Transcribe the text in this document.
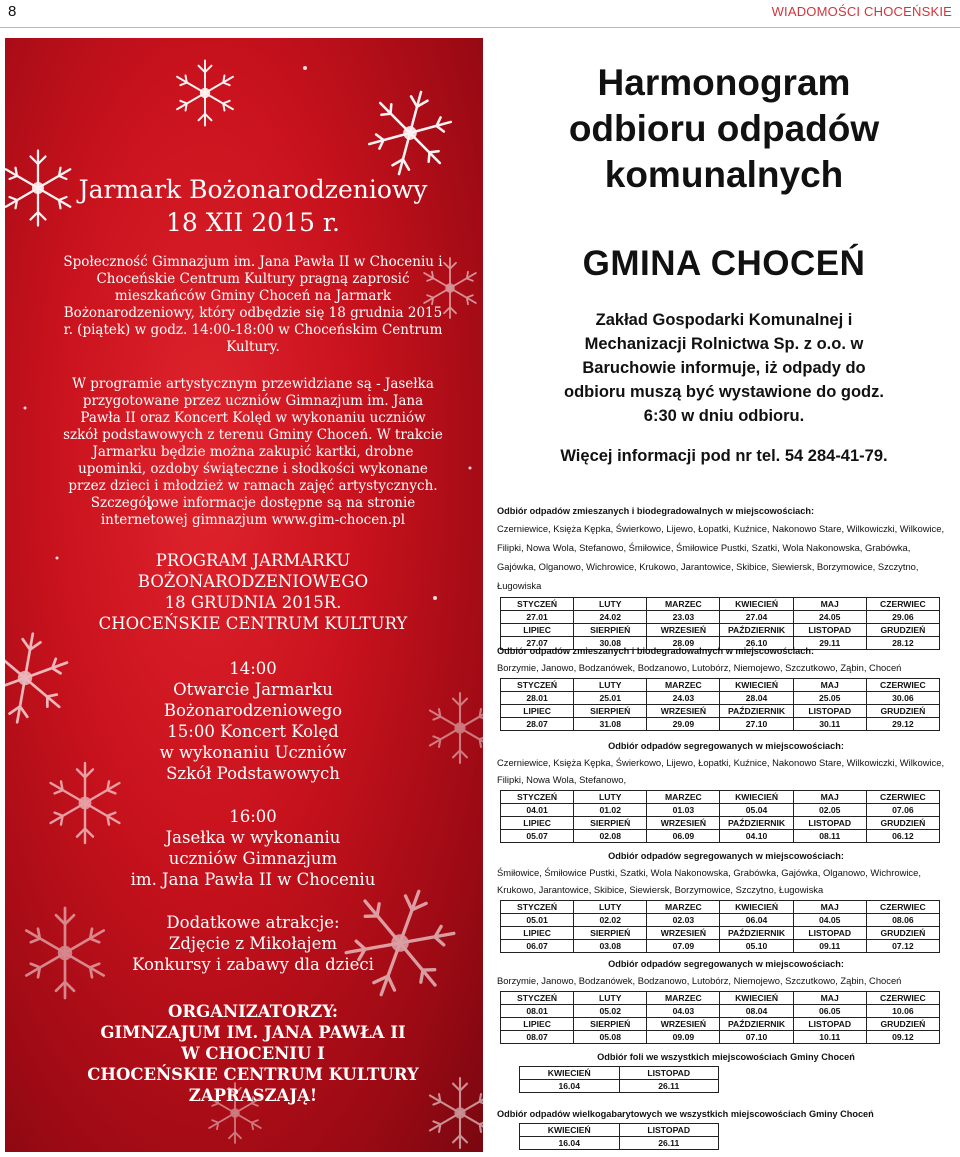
8	WIADOMOŚCI CHOCEŃSKIE
Jarmark Bożonarodzeniowy
18 XII 2015 r.
Społeczność Gimnazjum im. Jana Pawła II w Choceniu i Choceńskie Centrum Kultury pragną zaprosić mieszkańców Gminy Choceń na Jarmark Bożonarodzeniowy, który odbędzie się 18 grudnia 2015 r. (piątek) w godz. 14:00-18:00 w Choceńskim Centrum Kultury.
W programie artystycznym przewidziane są - Jasełka przygotowane przez uczniów Gimnazjum im. Jana Pawła II oraz Koncert Kolęd w wykonaniu uczniów szkół podstawowych z terenu Gminy Choceń. W trakcie Jarmarku będzie można zakupić kartki, drobne upominki, ozdoby świąteczne i słodkości wykonane przez dzieci i młodzież w ramach zajęć artystycznych. Szczegółowe informacje dostępne są na stronie internetowej gimnazjum www.gim-chocen.pl
PROGRAM JARMARKU
BOŻONARODZENIOWEGO
18 GRUDNIA 2015R.
CHOCEŃSKIE CENTRUM KULTURY
14:00
Otwarcie Jarmarku
Bożonarodzeniowego
15:00 Koncert Kolęd
w wykonaniu Uczniów
Szkół Podstawowych
16:00
Jasełka w wykonaniu
uczniów Gimnazjum
im. Jana Pawła II w Choceniu
Dodatkowe atrakcje:
Zdjęcie z Mikołajem
Konkursy i zabawy dla dzieci
ORGANIZATORZY:
GIMNZAJUM IM. JANA PAWŁA II
W CHOCENIU I
CHOCEŃSKIE CENTRUM KULTURY
ZAPRASZAJĄ!
Harmonogram
odbioru odpadów
komunalnych
GMINA CHOCEŃ
Zakład Gospodarki Komunalnej i
Mechanizacji Rolnictwa Sp. z o.o. w
Baruchowie informuje, iż odpady do
odbioru muszą być wystawione do godz.
6:30 w dniu odbioru.
Więcej informacji pod nr tel. 54 284-41-79.
Odbiór odpadów zmieszanych i biodegradowalnych w miejscowościach:
Czerniewice, Księża Kępka, Świerkowo, Lijewo, Łopatki, Kuźnice, Nakonowo Stare, Wilkowiczki, Wilkowice,
Filipki, Nowa Wola, Stefanowo, Śmiłowice, Śmiłowice Pustki, Szatki, Wola Nakonowska, Grabówka,
Gajówka, Olganowo, Wichrowice, Krukowo, Jarantowice, Skibice, Siewiersk, Borzymowice, Szczytno,
Ługowiska
STYCZEŃ	LUTY	MARZEC	KWIECIEŃ	MAJ	CZERWIEC
27.01	24.02	23.03	27.04	24.05	29.06
LIPIEC	SIERPIEŃ	WRZESIEŃ	PAŹDZIERNIK	LISTOPAD	GRUDZIEŃ
27.07	30.08	28.09	26.10	29.11	28.12
Odbiór odpadów zmieszanych i biodegradowalnych w miejscowościach:
Borzymie, Janowo, Bodzanówek, Bodzanowo, Lutobórz, Niemojewo, Szczutkowo, Ząbin, Choceń
STYCZEŃ	LUTY	MARZEC	KWIECIEŃ	MAJ	CZERWIEC
28.01	25.01	24.03	28.04	25.05	30.06
LIPIEC	SIERPIEŃ	WRZESIEŃ	PAŹDZIERNIK	LISTOPAD	GRUDZIEŃ
28.07	31.08	29.09	27.10	30.11	29.12
Odbiór odpadów segregowanych w miejscowościach:
Czerniewice, Księża Kępka, Świerkowo, Lijewo, Łopatki, Kuźnice, Nakonowo Stare, Wilkowiczki, Wilkowice,
Filipki, Nowa Wola, Stefanowo,
STYCZEŃ	LUTY	MARZEC	KWIECIEŃ	MAJ	CZERWIEC
04.01	01.02	01.03	05.04	02.05	07.06
LIPIEC	SIERPIEŃ	WRZESIEŃ	PAŹDZIERNIK	LISTOPAD	GRUDZIEŃ
05.07	02.08	06.09	04.10	08.11	06.12
Odbiór odpadów segregowanych w miejscowościach:
Śmiłowice, Śmiłowice Pustki, Szatki, Wola Nakonowska, Grabówka, Gajówka, Olganowo, Wichrowice,
Krukowo, Jarantowice, Skibice, Siewiersk, Borzymowice, Szczytno, Ługowiska
STYCZEŃ	LUTY	MARZEC	KWIECIEŃ	MAJ	CZERWIEC
05.01	02.02	02.03	06.04	04.05	08.06
LIPIEC	SIERPIEŃ	WRZESIEŃ	PAŹDZIERNIK	LISTOPAD	GRUDZIEŃ
06.07	03.08	07.09	05.10	09.11	07.12
Odbiór odpadów segregowanych w miejscowościach:
Borzymie, Janowo, Bodzanówek, Bodzanowo, Lutobórz, Niemojewo, Szczutkowo, Ząbin, Choceń
STYCZEŃ	LUTY	MARZEC	KWIECIEŃ	MAJ	CZERWIEC
08.01	05.02	04.03	08.04	06.05	10.06
LIPIEC	SIERPIEŃ	WRZESIEŃ	PAŹDZIERNIK	LISTOPAD	GRUDZIEŃ
08.07	05.08	09.09	07.10	10.11	09.12
Odbiór foli we wszystkich miejscowościach Gminy Choceń
KWIECIEŃ	LISTOPAD
16.04	26.11
Odbiór odpadów wielkogabarytowych we wszystkich miejscowościach Gminy Choceń
KWIECIEŃ	LISTOPAD
16.04	26.11
